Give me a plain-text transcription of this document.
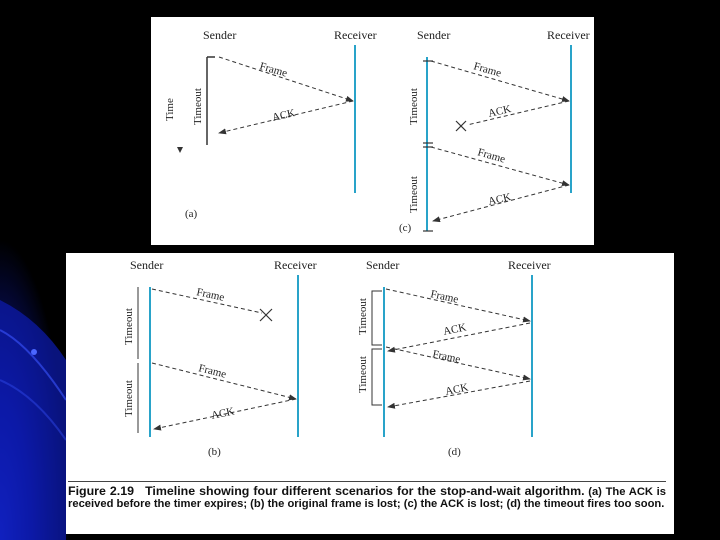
Sender	Receiver
Frame
ACK
Timeout
Time
(a)
Sender	Receiver
Frame
ACK
Timeout
Frame
ACK
Timeout
(c)
Sender	Receiver
Frame
Timeout
Frame
ACK
Timeout
(b)
Sender	Receiver
Frame
ACK
Timeout
Frame
ACK
Timeout
(d)

Figure 2.19 Timeline showing four different scenarios for the stop-and-wait algorithm. (a) The ACK is received before the timer expires; (b) the original frame is lost; (c) the ACK is lost; (d) the timeout fires too soon.
